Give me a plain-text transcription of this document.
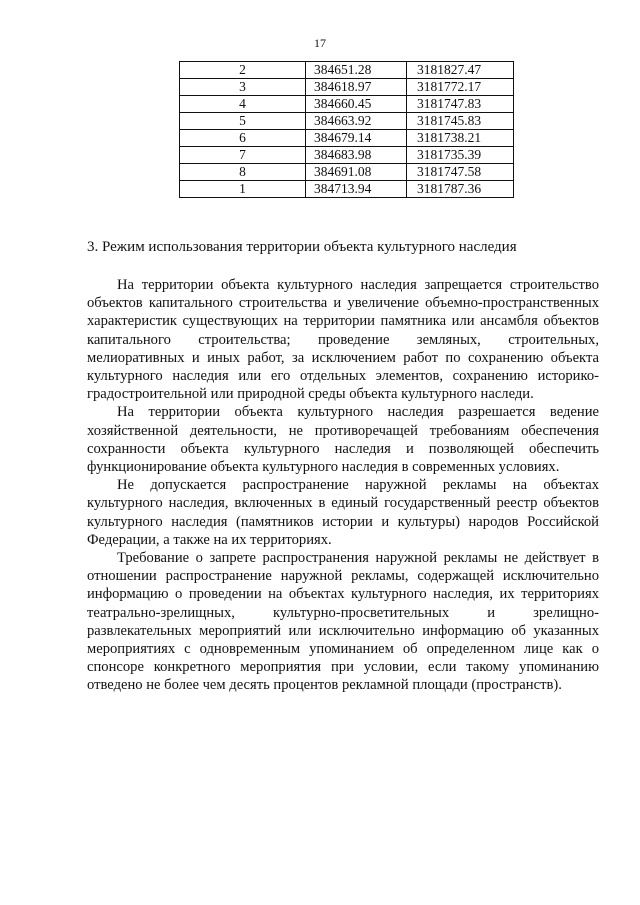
17
2	384651.28	3181827.47
3	384618.97	3181772.17
4	384660.45	3181747.83
5	384663.92	3181745.83
6	384679.14	3181738.21
7	384683.98	3181735.39
8	384691.08	3181747.58
1	384713.94	3181787.36
3. Режим использования территории объекта культурного наследия

На территории объекта культурного наследия запрещается строительство объектов капитального строительства и увеличение объемно-пространственных характеристик существующих на территории памятника или ансамбля объектов капитального строительства; проведение земляных, строительных, мелиоративных и иных работ, за исключением работ по сохранению объекта культурного наследия или его отдельных элементов, сохранению историко-градостроительной или природной среды объекта культурного наследи.

На территории объекта культурного наследия разрешается ведение хозяйственной деятельности, не противоречащей требованиям обеспечения сохранности объекта культурного наследия и позволяющей обеспечить функционирование объекта культурного наследия в современных условиях.

Не допускается распространение наружной рекламы на объектах культурного наследия, включенных в единый государственный реестр объектов культурного наследия (памятников истории и культуры) народов Российской Федерации, а также на их территориях.

Требование о запрете распространения наружной рекламы не действует в отношении распространение наружной рекламы, содержащей исключительно информацию о проведении на объектах культурного наследия, их территориях театрально-зрелищных, культурно-просветительных и зрелищно-развлекательных мероприятий или исключительно информацию об указанных мероприятиях с одновременным упоминанием об определенном лице как о спонсоре конкретного мероприятия при условии, если такому упоминанию отведено не более чем десять процентов рекламной площади (пространств).
